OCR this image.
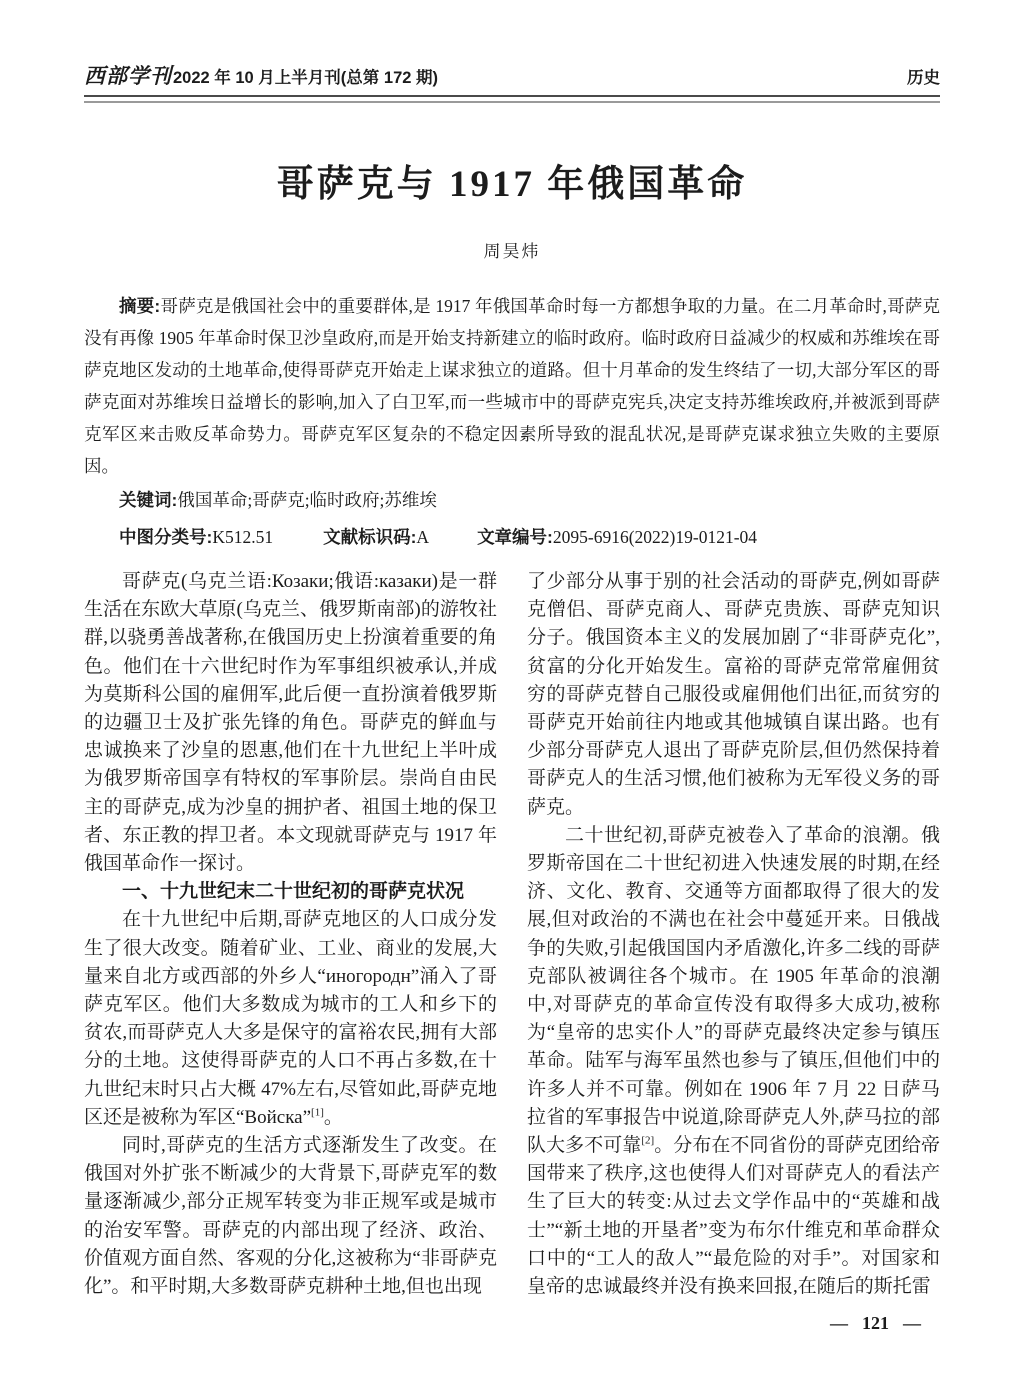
西部学刊2022 年 10 月上半月刊(总第 172 期)	历史
哥萨克与 1917 年俄国革命
周昊炜

摘要:哥萨克是俄国社会中的重要群体,是 1917 年俄国革命时每一方都想争取的力量。在二月革命时,哥萨克没有再像 1905 年革命时保卫沙皇政府,而是开始支持新建立的临时政府。临时政府日益减少的权威和苏维埃在哥萨克地区发动的土地革命,使得哥萨克开始走上谋求独立的道路。但十月革命的发生终结了一切,大部分军区的哥萨克面对苏维埃日益增长的影响,加入了白卫军,而一些城市中的哥萨克宪兵,决定支持苏维埃政府,并被派到哥萨克军区来击败反革命势力。哥萨克军区复杂的不稳定因素所导致的混乱状况,是哥萨克谋求独立失败的主要原因。

关键词:俄国革命;哥萨克;临时政府;苏维埃

中图分类号:K512.51	文献标识码:A	文章编号:2095-6916(2022)19-0121-04

哥萨克(乌克兰语:Козаки;俄语:казаки)是一群生活在东欧大草原(乌克兰、俄罗斯南部)的游牧社群,以骁勇善战著称,在俄国历史上扮演着重要的角色。他们在十六世纪时作为军事组织被承认,并成为莫斯科公国的雇佣军,此后便一直扮演着俄罗斯的边疆卫士及扩张先锋的角色。哥萨克的鲜血与忠诚换来了沙皇的恩惠,他们在十九世纪上半叶成为俄罗斯帝国享有特权的军事阶层。崇尚自由民主的哥萨克,成为沙皇的拥护者、祖国土地的保卫者、东正教的捍卫者。本文现就哥萨克与 1917 年俄国革命作一探讨。

一、十九世纪末二十世纪初的哥萨克状况

在十九世纪中后期,哥萨克地区的人口成分发生了很大改变。随着矿业、工业、商业的发展,大量来自北方或西部的外乡人“иногородн”涌入了哥萨克军区。他们大多数成为城市的工人和乡下的贫农,而哥萨克人大多是保守的富裕农民,拥有大部分的土地。这使得哥萨克的人口不再占多数,在十九世纪末时只占大概 47%左右,尽管如此,哥萨克地区还是被称为军区“Войска”[1]。

同时,哥萨克的生活方式逐渐发生了改变。在俄国对外扩张不断减少的大背景下,哥萨克军的数量逐渐减少,部分正规军转变为非正规军或是城市的治安军警。哥萨克的内部出现了经济、政治、价值观方面自然、客观的分化,这被称为“非哥萨克化”。和平时期,大多数哥萨克耕种土地,但也出现

了少部分从事于别的社会活动的哥萨克,例如哥萨克僧侣、哥萨克商人、哥萨克贵族、哥萨克知识分子。俄国资本主义的发展加剧了“非哥萨克化”,贫富的分化开始发生。富裕的哥萨克常常雇佣贫穷的哥萨克替自己服役或雇佣他们出征,而贫穷的哥萨克开始前往内地或其他城镇自谋出路。也有少部分哥萨克人退出了哥萨克阶层,但仍然保持着哥萨克人的生活习惯,他们被称为无军役义务的哥萨克。

二十世纪初,哥萨克被卷入了革命的浪潮。俄罗斯帝国在二十世纪初进入快速发展的时期,在经济、文化、教育、交通等方面都取得了很大的发展,但对政治的不满也在社会中蔓延开来。日俄战争的失败,引起俄国国内矛盾激化,许多二线的哥萨克部队被调往各个城市。在 1905 年革命的浪潮中,对哥萨克的革命宣传没有取得多大成功,被称为“皇帝的忠实仆人”的哥萨克最终决定参与镇压革命。陆军与海军虽然也参与了镇压,但他们中的许多人并不可靠。例如在 1906 年 7 月 22 日萨马拉省的军事报告中说道,除哥萨克人外,萨马拉的部队大多不可靠[2]。分布在不同省份的哥萨克团给帝国带来了秩序,这也使得人们对哥萨克人的看法产生了巨大的转变:从过去文学作品中的“英雄和战士”“新土地的开垦者”变为布尔什维克和革命群众口中的“工人的敌人”“最危险的对手”。对国家和皇帝的忠诚最终并没有换来回报,在随后的斯托雷

— 121 —
